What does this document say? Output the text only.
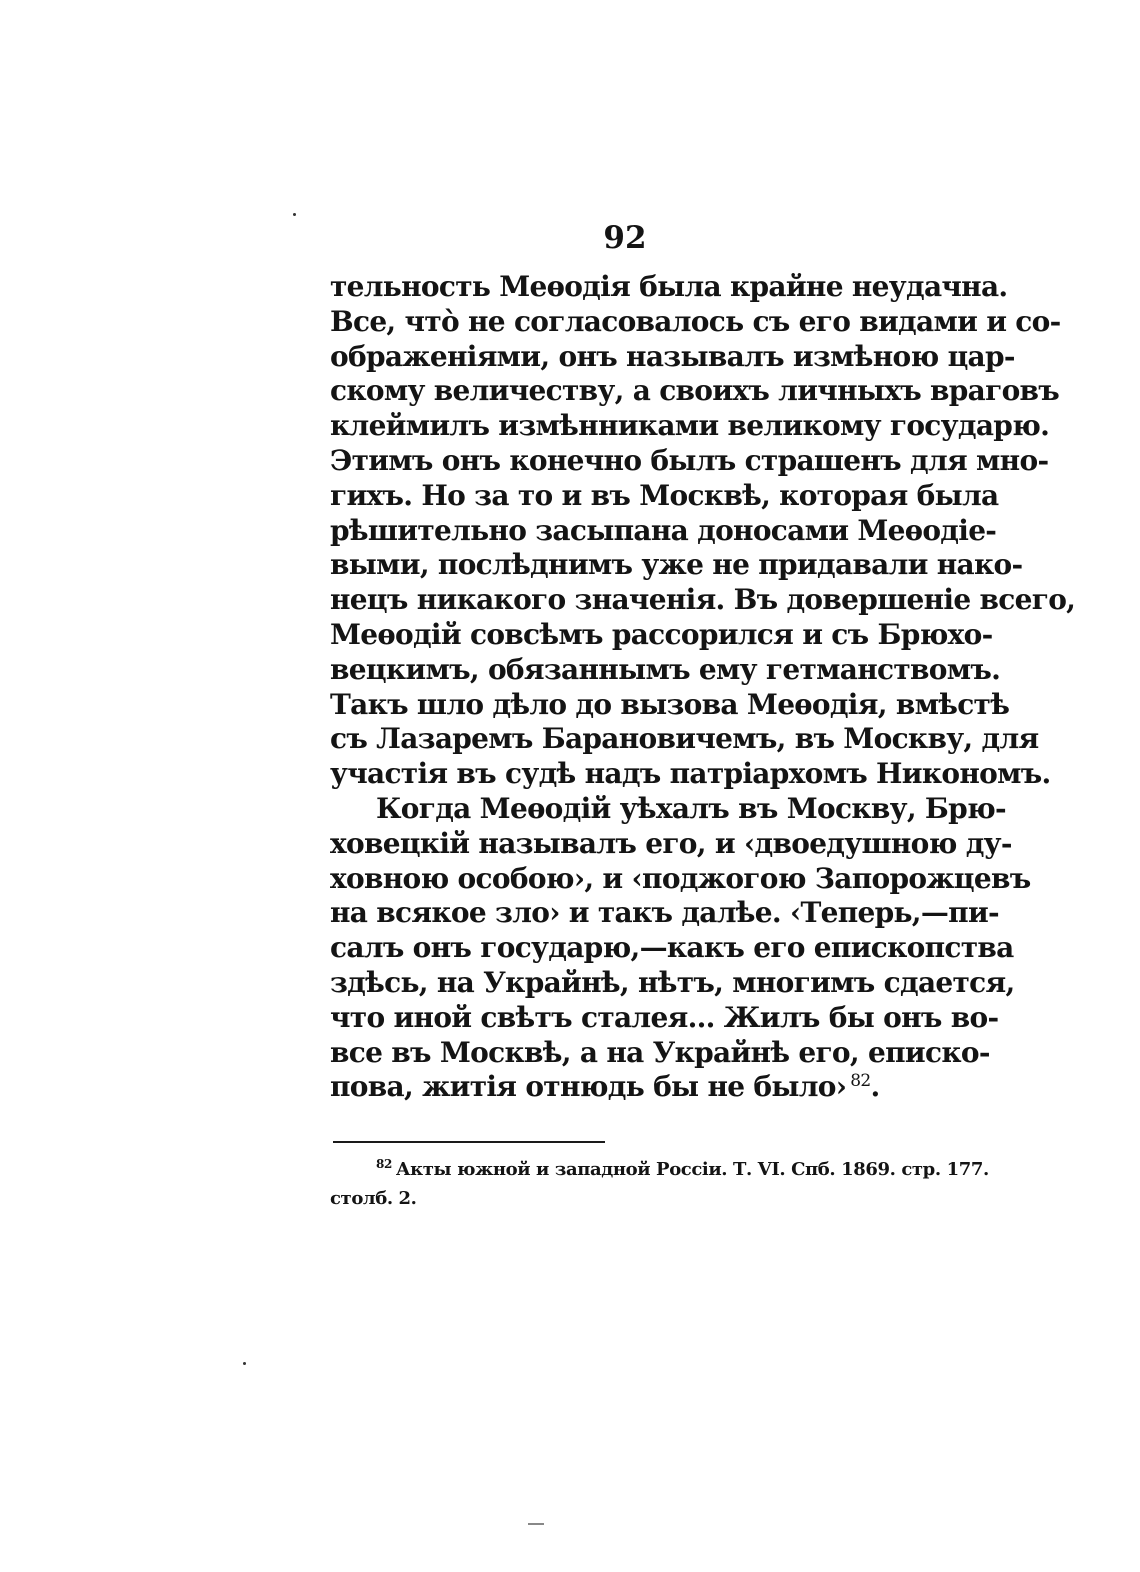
92
тельность Меѳодія была крайне неудачна.
Все, чтò не согласовалось съ его видами и со-
ображеніями, онъ называлъ измѣною цар-
скому величеству, а своихъ личныхъ враговъ
клеймилъ измѣнниками великому государю.
Этимъ онъ конечно былъ страшенъ для мно-
гихъ. Но за то и въ Москвѣ, которая была
рѣшительно засыпана доносами Меѳодіе-
выми, послѣднимъ уже не придавали нако-
нецъ никакого значенія. Въ довершеніе всего,
Меѳодій совсѣмъ рассорился и съ Брюхо-
вецкимъ, обязаннымъ ему гетманствомъ.
Такъ шло дѣло до вызова Меѳодія, вмѣстѣ
съ Лазаремъ Барановичемъ, въ Москву, для
участія въ судѣ надъ патріархомъ Никономъ.
Когда Меѳодій уѣхалъ въ Москву, Брю-
ховецкій называлъ его, и ‹двоедушною ду-
ховною особою›, и ‹поджогою Запорожцевъ
на всякое зло› и такъ далѣе. ‹Теперь,—пи-
салъ онъ государю,—какъ его епископства
здѣсь, на Украйнѣ, нѣтъ, многимъ сдается,
что иной свѣтъ сталея... Жилъ бы онъ во-
все въ Москвѣ, а на Украйнѣ его, еписко-
пова, житія отнюдь бы не было› $^{82}$.
$^{82}$ Акты южной и западной Россіи. Т. VI. Спб. 1869. стр. 177.
столб. 2.
